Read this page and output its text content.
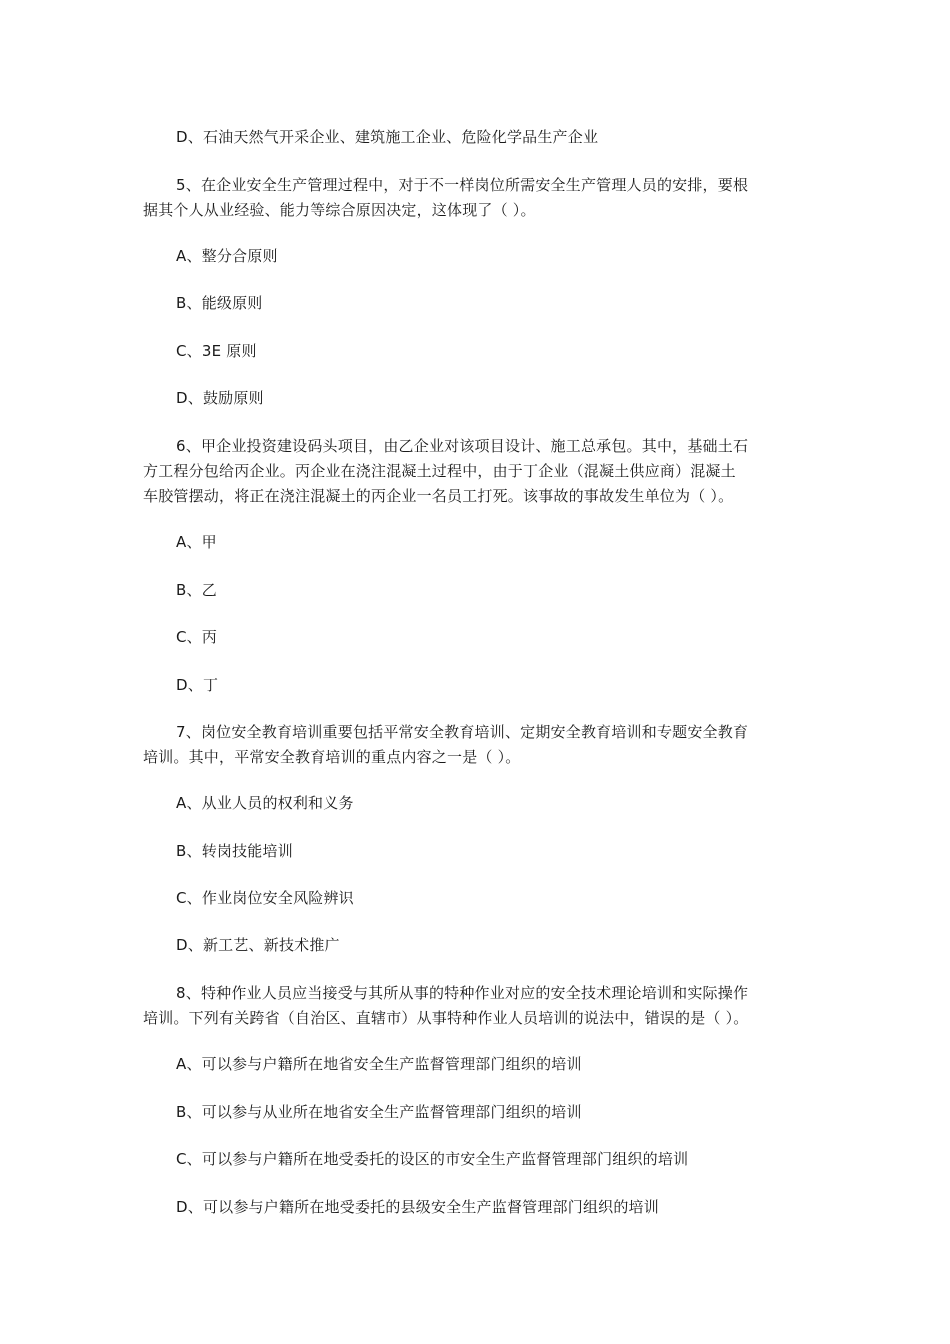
D、石油天然气开采企业、建筑施工企业、危险化学品生产企业
5、在企业安全生产管理过程中，对于不一样岗位所需安全生产管理人员的安排，要根
据其个人从业经验、能力等综合原因决定，这体现了（ ）。
A、整分合原则
B、能级原则
C、3E 原则
D、鼓励原则
6、甲企业投资建设码头项目，由乙企业对该项目设计、施工总承包。其中，基础土石
方工程分包给丙企业。丙企业在浇注混凝土过程中，由于丁企业（混凝土供应商）混凝土
车胶管摆动，将正在浇注混凝土的丙企业一名员工打死。该事故的事故发生单位为（ ）。
A、甲
B、乙
C、丙
D、丁
7、岗位安全教育培训重要包括平常安全教育培训、定期安全教育培训和专题安全教育
培训。其中，平常安全教育培训的重点内容之一是（ ）。
A、从业人员的权利和义务
B、转岗技能培训
C、作业岗位安全风险辨识
D、新工艺、新技术推广
8、特种作业人员应当接受与其所从事的特种作业对应的安全技术理论培训和实际操作
培训。下列有关跨省（自治区、直辖市）从事特种作业人员培训的说法中，错误的是（ ）。
A、可以参与户籍所在地省安全生产监督管理部门组织的培训
B、可以参与从业所在地省安全生产监督管理部门组织的培训
C、可以参与户籍所在地受委托的设区的市安全生产监督管理部门组织的培训
D、可以参与户籍所在地受委托的县级安全生产监督管理部门组织的培训
